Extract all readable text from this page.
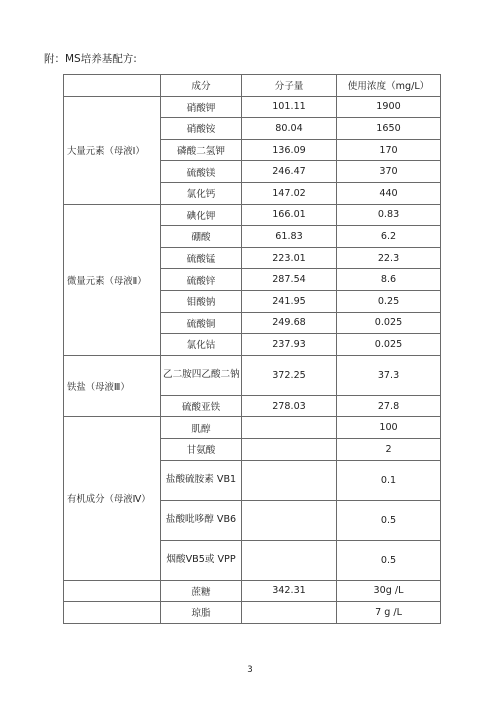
附：MS培养基配方:
	成分	分子量	使用浓度（mg/L）
大量元素（母液Ⅰ）	硝酸钾	101.11	1900
	硝酸铵	80.04	1650
	磷酸二氢钾	136.09	170
	硫酸镁	246.47	370
	氯化钙	147.02	440
微量元素（母液Ⅱ）	碘化钾	166.01	0.83
	硼酸	61.83	6.2
	硫酸锰	223.01	22.3
	硫酸锌	287.54	8.6
	钼酸钠	241.95	0.25
	硫酸铜	249.68	0.025
	氯化钴	237.93	0.025
铁盐（母液Ⅲ）	乙二胺四乙酸二钠	372.25	37.3
	硫酸亚铁	278.03	27.8
有机成分（母液Ⅳ）	肌醇		100
	甘氨酸		2
	盐酸硫胺素 VB1		0.1
	盐酸吡哆醇 VB6		0.5
	烟酸VB5或 VPP		0.5
	蔗糖	342.31	30g /L
	琼脂		7 g /L
3
